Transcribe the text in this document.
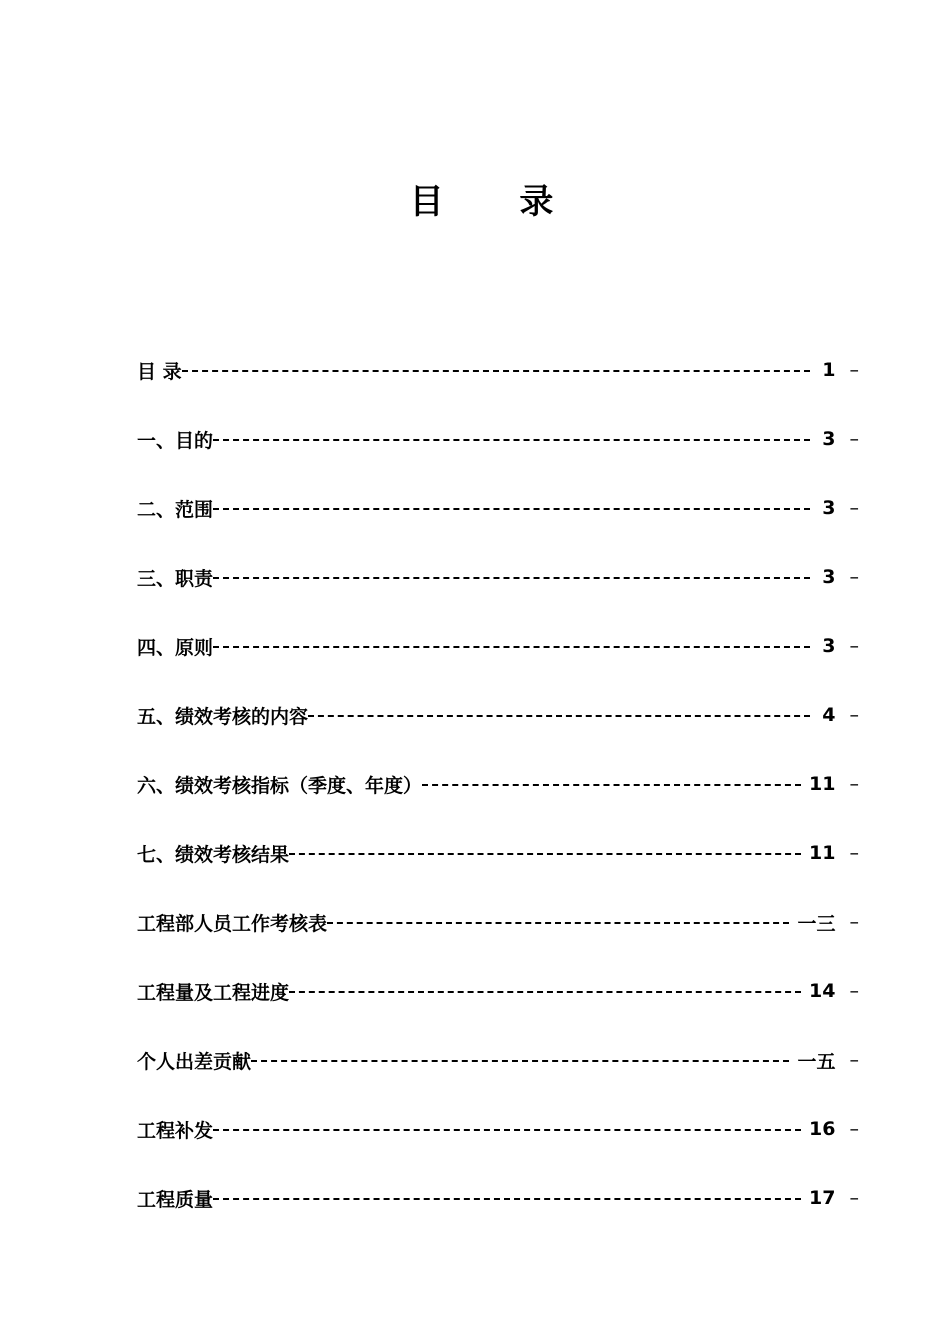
目 录
目 录	1 –
一、目的	3 –
二、范围	3 –
三、职责	3 –
四、原则	3 –
五、绩效考核的内容	4 –
六、绩效考核指标（季度、年度）	11 –
七、绩效考核结果	11 –
工程部人员工作考核表	一三 –
工程量及工程进度	14 –
个人出差贡献	一五 –
工程补发	16 –
工程质量	17 –
